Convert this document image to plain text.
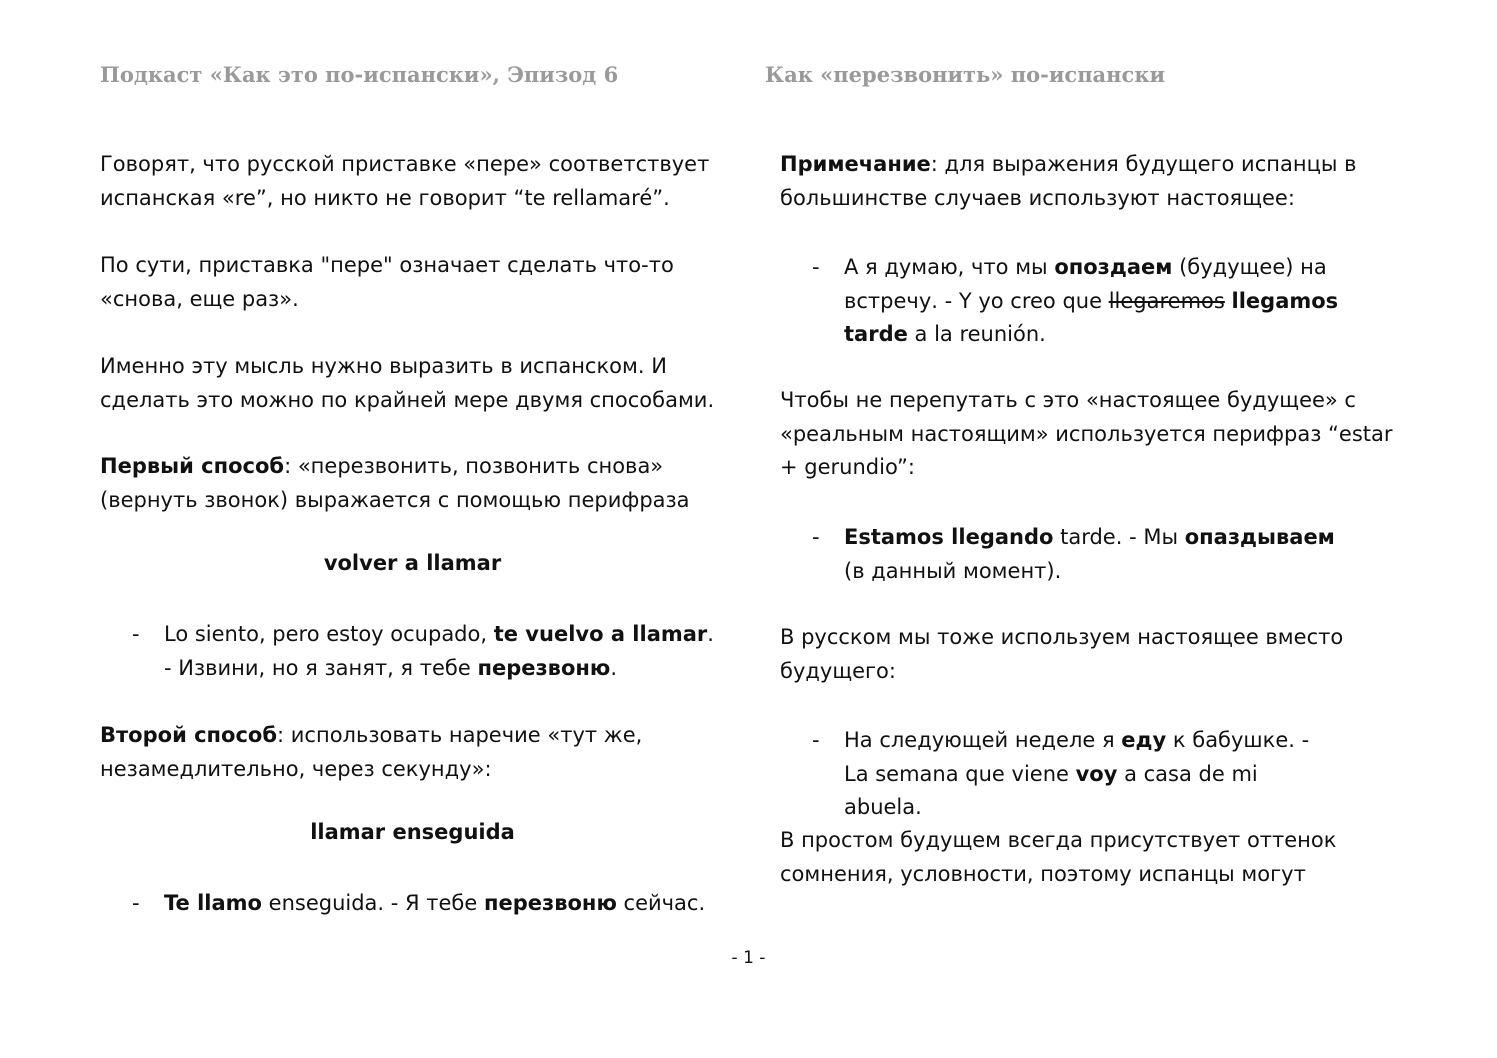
Подкаст «Как это по-испански», Эпизод 6

Говорят, что русской приставке «пере» соответствует испанская «re”, но никто не говорит “te rellamaré”.

По сути, приставка "пере" означает сделать что-то «снова, еще раз».

Именно эту мысль нужно выразить в испанском. И сделать это можно по крайней мере двумя способами.

Первый способ: «перезвонить, позвонить снова» (вернуть звонок) выражается с помощью перифраза

volver a llamar

- Lo siento, pero estoy ocupado, te vuelvo a llamar. - Извини, но я занят, я тебе перезвоню.

Второй способ: использовать наречие «тут же, незамедлительно, через секунду»:

llamar enseguida

- Te llamo enseguida. - Я тебе перезвоню сейчас.
Как «перезвонить» по-испански

Примечание: для выражения будущего испанцы в большинстве случаев используют настоящее:

- А я думаю, что мы опоздаем (будущее) на встречу. - Y yo creo que llegaremos llegamos tarde a la reunión.

Чтобы не перепутать с это «настоящее будущее» с «реальным настоящим» используется перифраз “estar + gerundio”:

- Estamos llegando tarde. - Мы опаздываем (в данный момент).

В русском мы тоже используем настоящее вместо будущего:

- На следующей неделе я еду к бабушке. - La semana que viene voy a casa de mi abuela.

В простом будущем всегда присутствует оттенок сомнения, условности, поэтому испанцы могут

- 1 -
